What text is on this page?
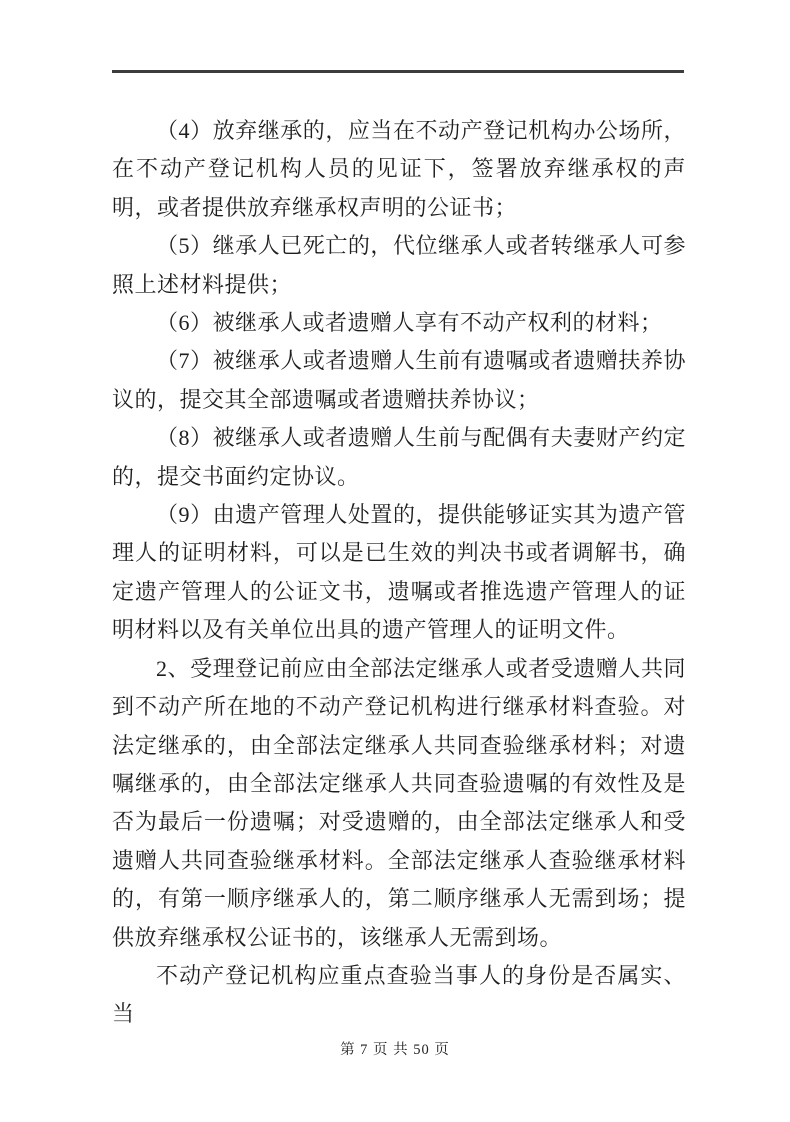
（4）放弃继承的，应当在不动产登记机构办公场所，在不动产登记机构人员的见证下，签署放弃继承权的声明，或者提供放弃继承权声明的公证书；

（5）继承人已死亡的，代位继承人或者转继承人可参照上述材料提供；

（6）被继承人或者遗赠人享有不动产权利的材料；

（7）被继承人或者遗赠人生前有遗嘱或者遗赠扶养协议的，提交其全部遗嘱或者遗赠扶养协议；

（8）被继承人或者遗赠人生前与配偶有夫妻财产约定的，提交书面约定协议。

（9）由遗产管理人处置的，提供能够证实其为遗产管理人的证明材料，可以是已生效的判决书或者调解书，确定遗产管理人的公证文书，遗嘱或者推选遗产管理人的证明材料以及有关单位出具的遗产管理人的证明文件。

2、受理登记前应由全部法定继承人或者受遗赠人共同到不动产所在地的不动产登记机构进行继承材料查验。对法定继承的，由全部法定继承人共同查验继承材料；对遗嘱继承的，由全部法定继承人共同查验遗嘱的有效性及是否为最后一份遗嘱；对受遗赠的，由全部法定继承人和受遗赠人共同查验继承材料。全部法定继承人查验继承材料的，有第一顺序继承人的，第二顺序继承人无需到场；提供放弃继承权公证书的，该继承人无需到场。

不动产登记机构应重点查验当事人的身份是否属实、当

第 7 页 共 50 页
